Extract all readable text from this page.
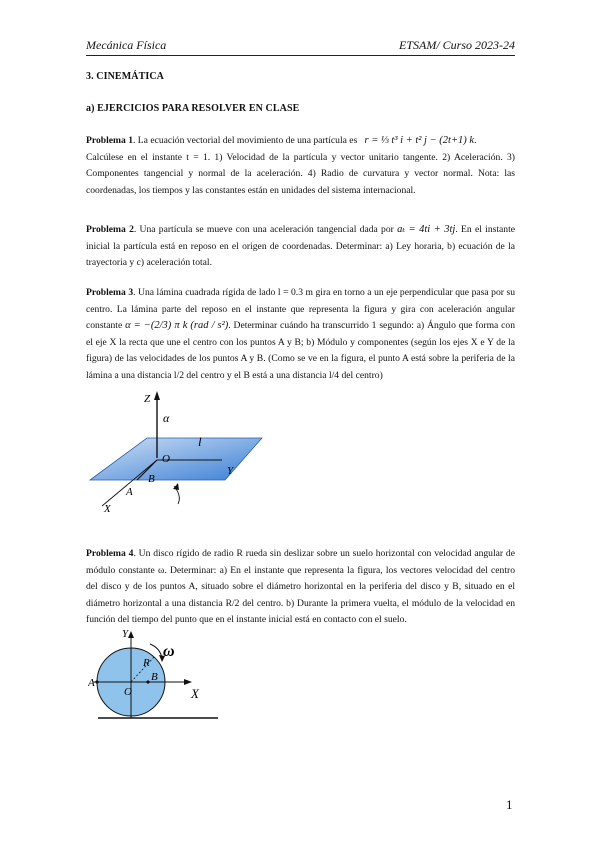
Mecánica Física	ETSAM/ Curso 2023-24
3. CINEMÁTICA
a) EJERCICIOS PARA RESOLVER EN CLASE
Problema 1. La ecuación vectorial del movimiento de una partícula es r = ⅓ t³ i + t² j − (2t+1) k.
Calcúlese en el instante t = 1. 1) Velocidad de la partícula y vector unitario tangente. 2) Aceleración. 3) Componentes tangencial y normal de la aceleración. 4) Radio de curvatura y vector normal. Nota: las coordenadas, los tiempos y las constantes están en unidades del sistema internacional.
Problema 2. Una partícula se mueve con una aceleración tangencial dada por aₜ = 4ti + 3tj. En el instante inicial la partícula está en reposo en el origen de coordenadas. Determinar: a) Ley horaria, b) ecuación de la trayectoria y c) aceleración total.
Problema 3. Una lámina cuadrada rígida de lado l = 0.3 m gira en torno a un eje perpendicular que pasa por su centro. La lámina parte del reposo en el instante que representa la figura y gira con aceleración angular constante α = −(2/3) π k (rad / s²). Determinar cuándo ha transcurrido 1 segundo: a) Ángulo que forma con el eje X la recta que une el centro con los puntos A y B; b) Módulo y componentes (según los ejes X e Y de la figura) de las velocidades de los puntos A y B. (Como se ve en la figura, el punto A está sobre la periferia de la lámina a una distancia l/2 del centro y el B está a una distancia l/4 del centro)
Z
α
l
O
Y
B
A
X
Problema 4. Un disco rígido de radio R rueda sin deslizar sobre un suelo horizontal con velocidad angular de módulo constante ω. Determinar: a) En el instante que representa la figura, los vectores velocidad del centro del disco y de los puntos A, situado sobre el diámetro horizontal en la periferia del disco y B, situado en el diámetro horizontal a una distancia R/2 del centro. b) Durante la primera vuelta, el módulo de la velocidad en función del tiempo del punto que en el instante inicial está en contacto con el suelo.
Y
ω
R
A	B
O	X
1
